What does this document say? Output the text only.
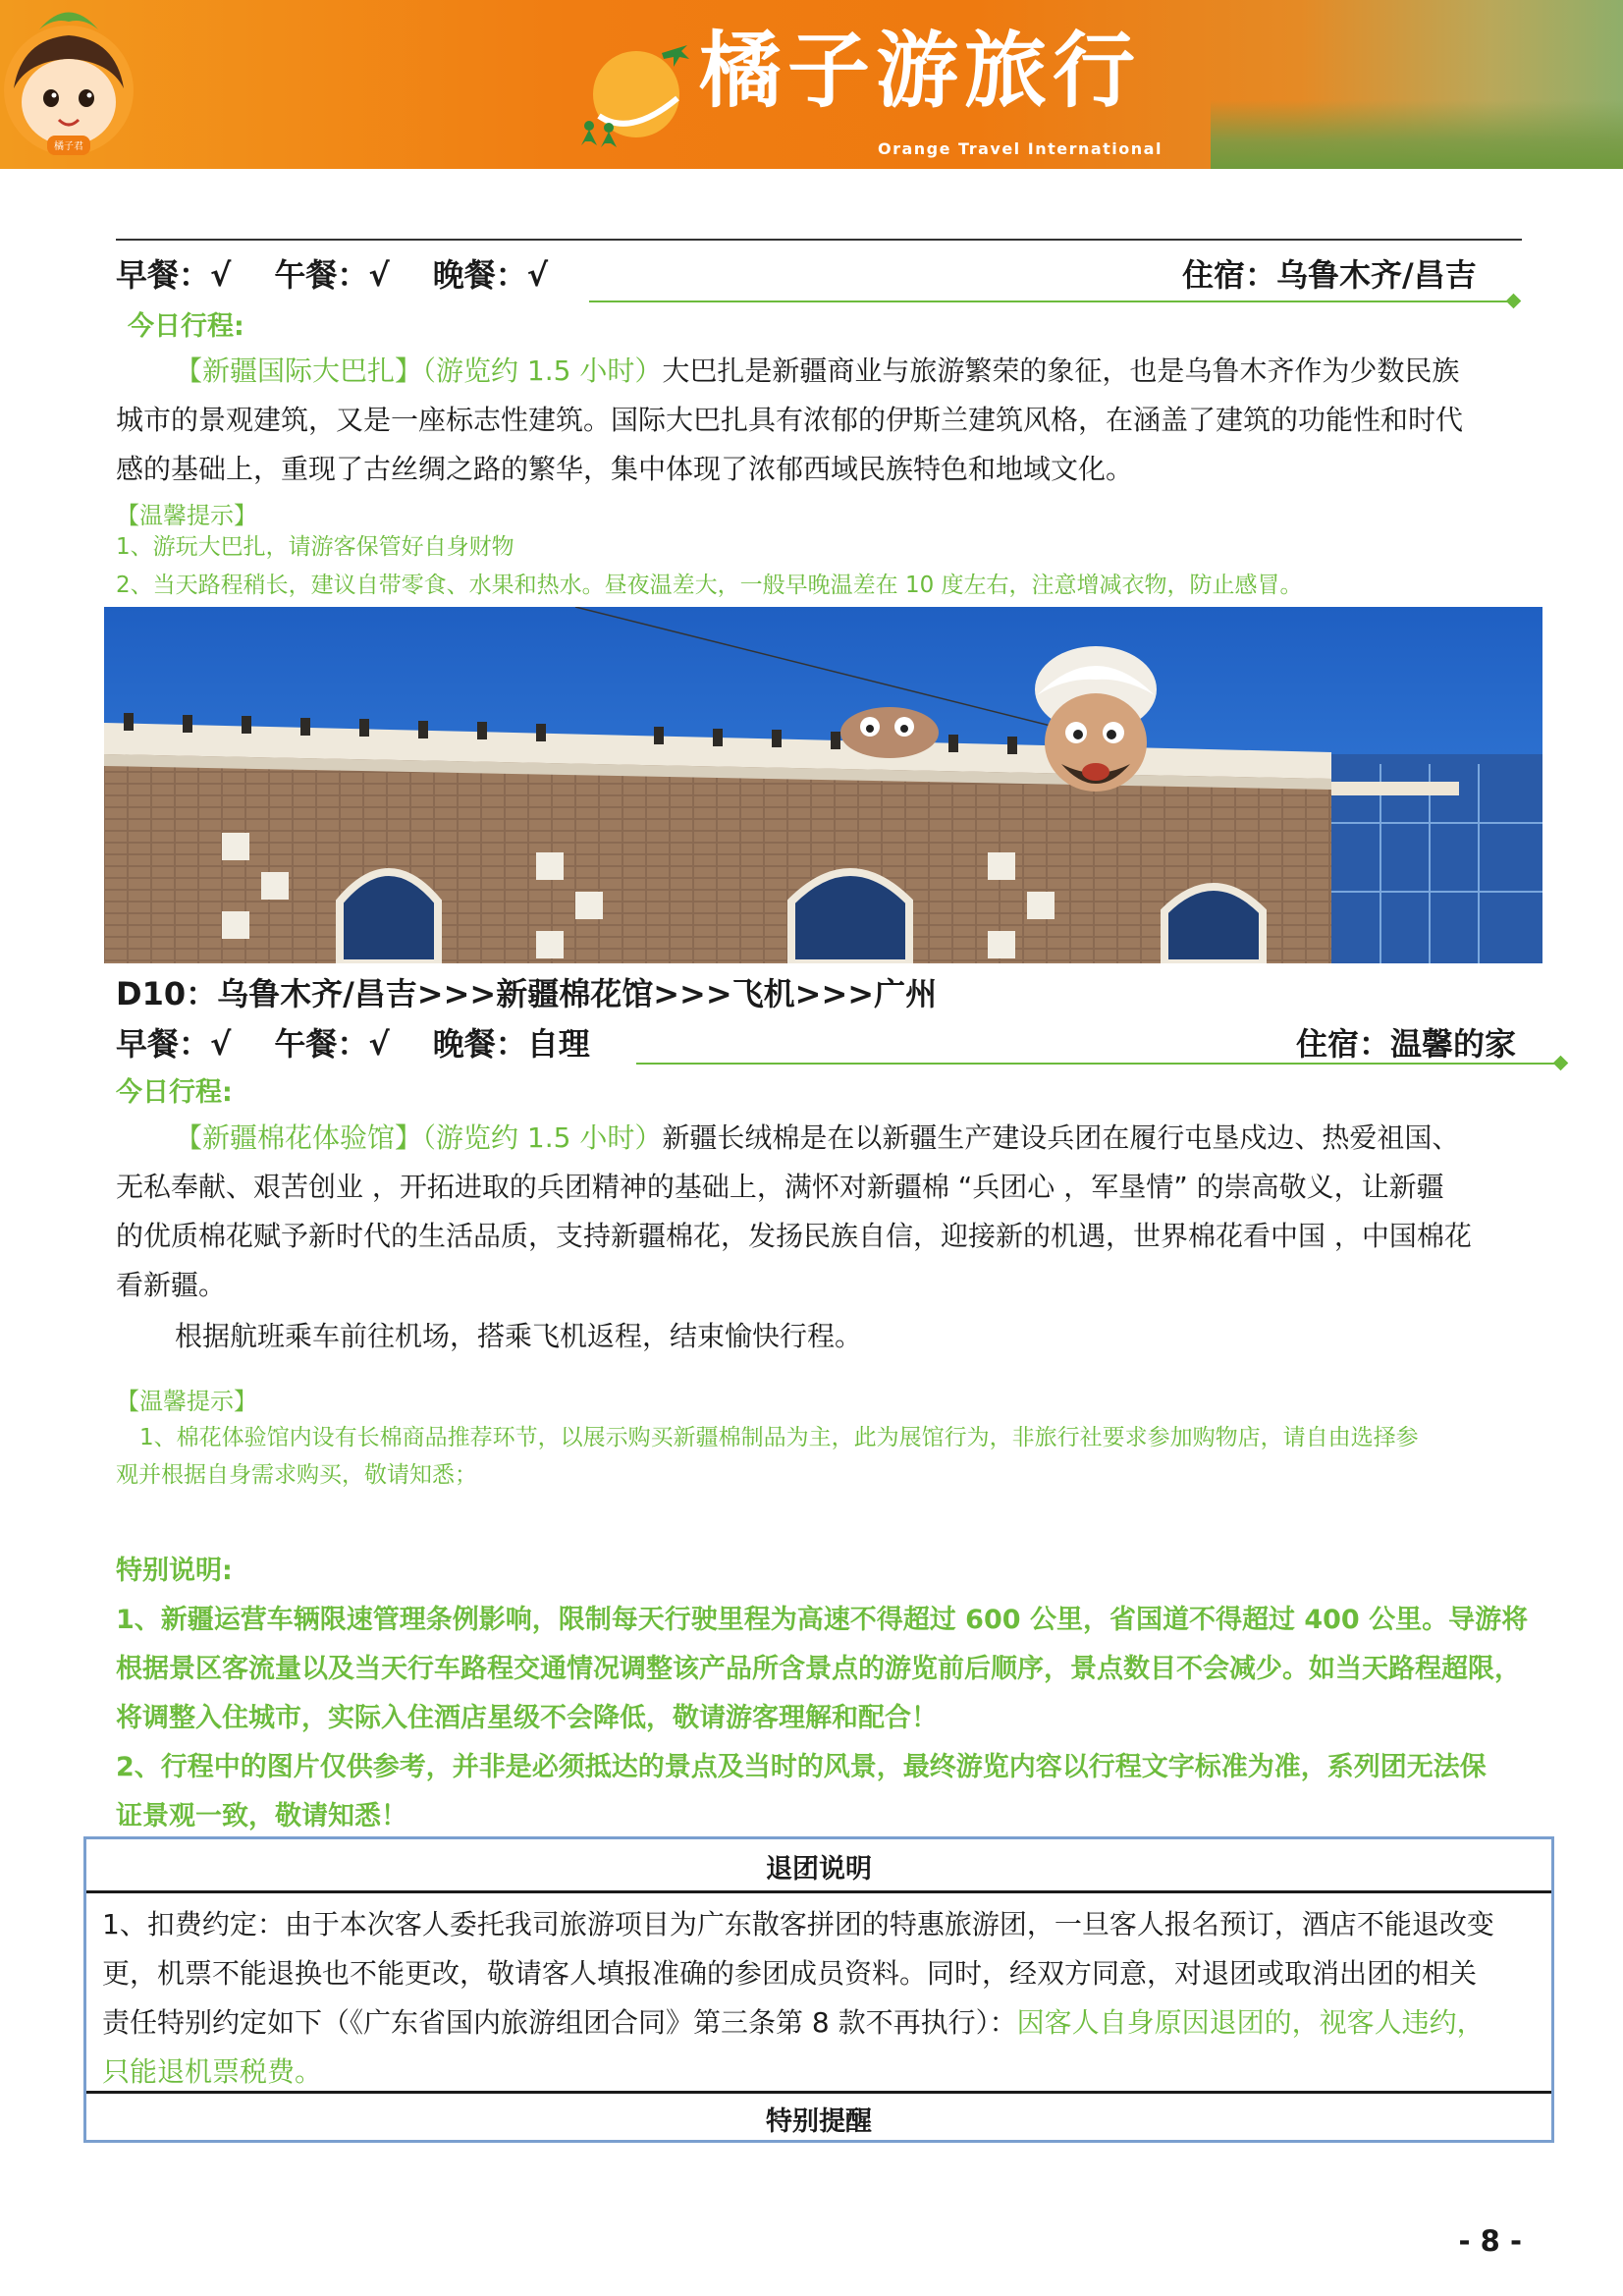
橘子君
橘子游旅行
Orange Travel International
早餐：√ 午餐：√ 晚餐：√	住宿：乌鲁木齐/昌吉
今日行程:
【新疆国际大巴扎】（游览约 1.5 小时）大巴扎是新疆商业与旅游繁荣的象征，也是乌鲁木齐作为少数民族
城市的景观建筑，又是一座标志性建筑。国际大巴扎具有浓郁的伊斯兰建筑风格，在涵盖了建筑的功能性和时代
感的基础上，重现了古丝绸之路的繁华，集中体现了浓郁西域民族特色和地域文化。
【温馨提示】
1、游玩大巴扎，请游客保管好自身财物
2、当天路程稍长，建议自带零食、水果和热水。昼夜温差大，一般早晚温差在 10 度左右，注意增减衣物，防止感冒。
D10：乌鲁木齐/昌吉>>>新疆棉花馆>>>飞机>>>广州
早餐：√ 午餐：√ 晚餐：自理	住宿：温馨的家
今日行程:
【新疆棉花体验馆】（游览约 1.5 小时）新疆长绒棉是在以新疆生产建设兵团在履行屯垦戍边、热爱祖国、
无私奉献、艰苦创业 ，开拓进取的兵团精神的基础上，满怀对新疆棉 “兵团心 ，军垦情” 的崇高敬义，让新疆
的优质棉花赋予新时代的生活品质，支持新疆棉花，发扬民族自信，迎接新的机遇，世界棉花看中国 ，中国棉花
看新疆。
根据航班乘车前往机场，搭乘飞机返程，结束愉快行程。
【温馨提示】
1、棉花体验馆内设有长棉商品推荐环节，以展示购买新疆棉制品为主，此为展馆行为，非旅行社要求参加购物店，请自由选择参
观并根据自身需求购买，敬请知悉；
特别说明:
1、新疆运营车辆限速管理条例影响，限制每天行驶里程为高速不得超过 600 公里，省国道不得超过 400 公里。导游将
根据景区客流量以及当天行车路程交通情况调整该产品所含景点的游览前后顺序，景点数目不会减少。如当天路程超限，
将调整入住城市，实际入住酒店星级不会降低，敬请游客理解和配合！
2、行程中的图片仅供参考，并非是必须抵达的景点及当时的风景，最终游览内容以行程文字标准为准，系列团无法保
证景观一致，敬请知悉！
退团说明
1、扣费约定：由于本次客人委托我司旅游项目为广东散客拼团的特惠旅游团，一旦客人报名预订，酒店不能退改变
更，机票不能退换也不能更改，敬请客人填报准确的参团成员资料。同时，经双方同意，对退团或取消出团的相关
责任特别约定如下（《广东省国内旅游组团合同》第三条第 8 款不再执行）：因客人自身原因退团的，视客人违约，
只能退机票税费。
特别提醒
- 8 -
